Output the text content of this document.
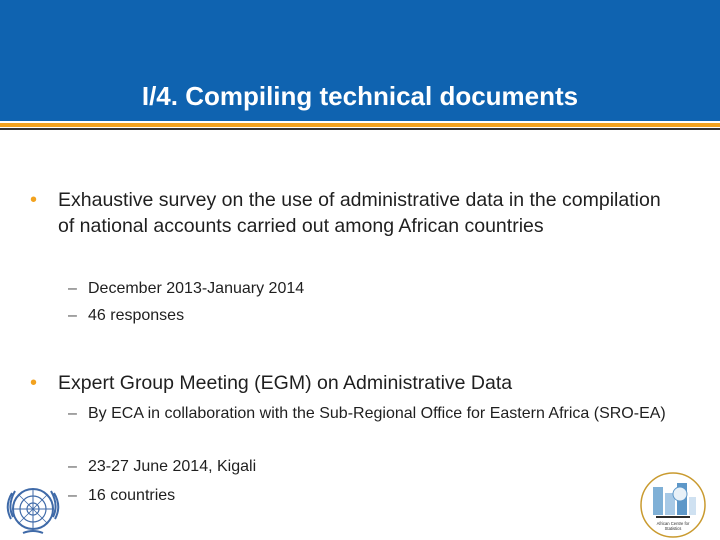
I/4. Compiling technical documents
• Exhaustive survey on the use of administrative data in the compilation of national accounts carried out among African countries
– December 2013-January 2014
– 46 responses
• Expert Group Meeting (EGM) on Administrative Data
– By ECA in collaboration with the Sub-Regional Office for Eastern Africa (SRO-EA)
– 23-27 June 2014, Kigali
– 16 countries
African Centre for
Statistics
